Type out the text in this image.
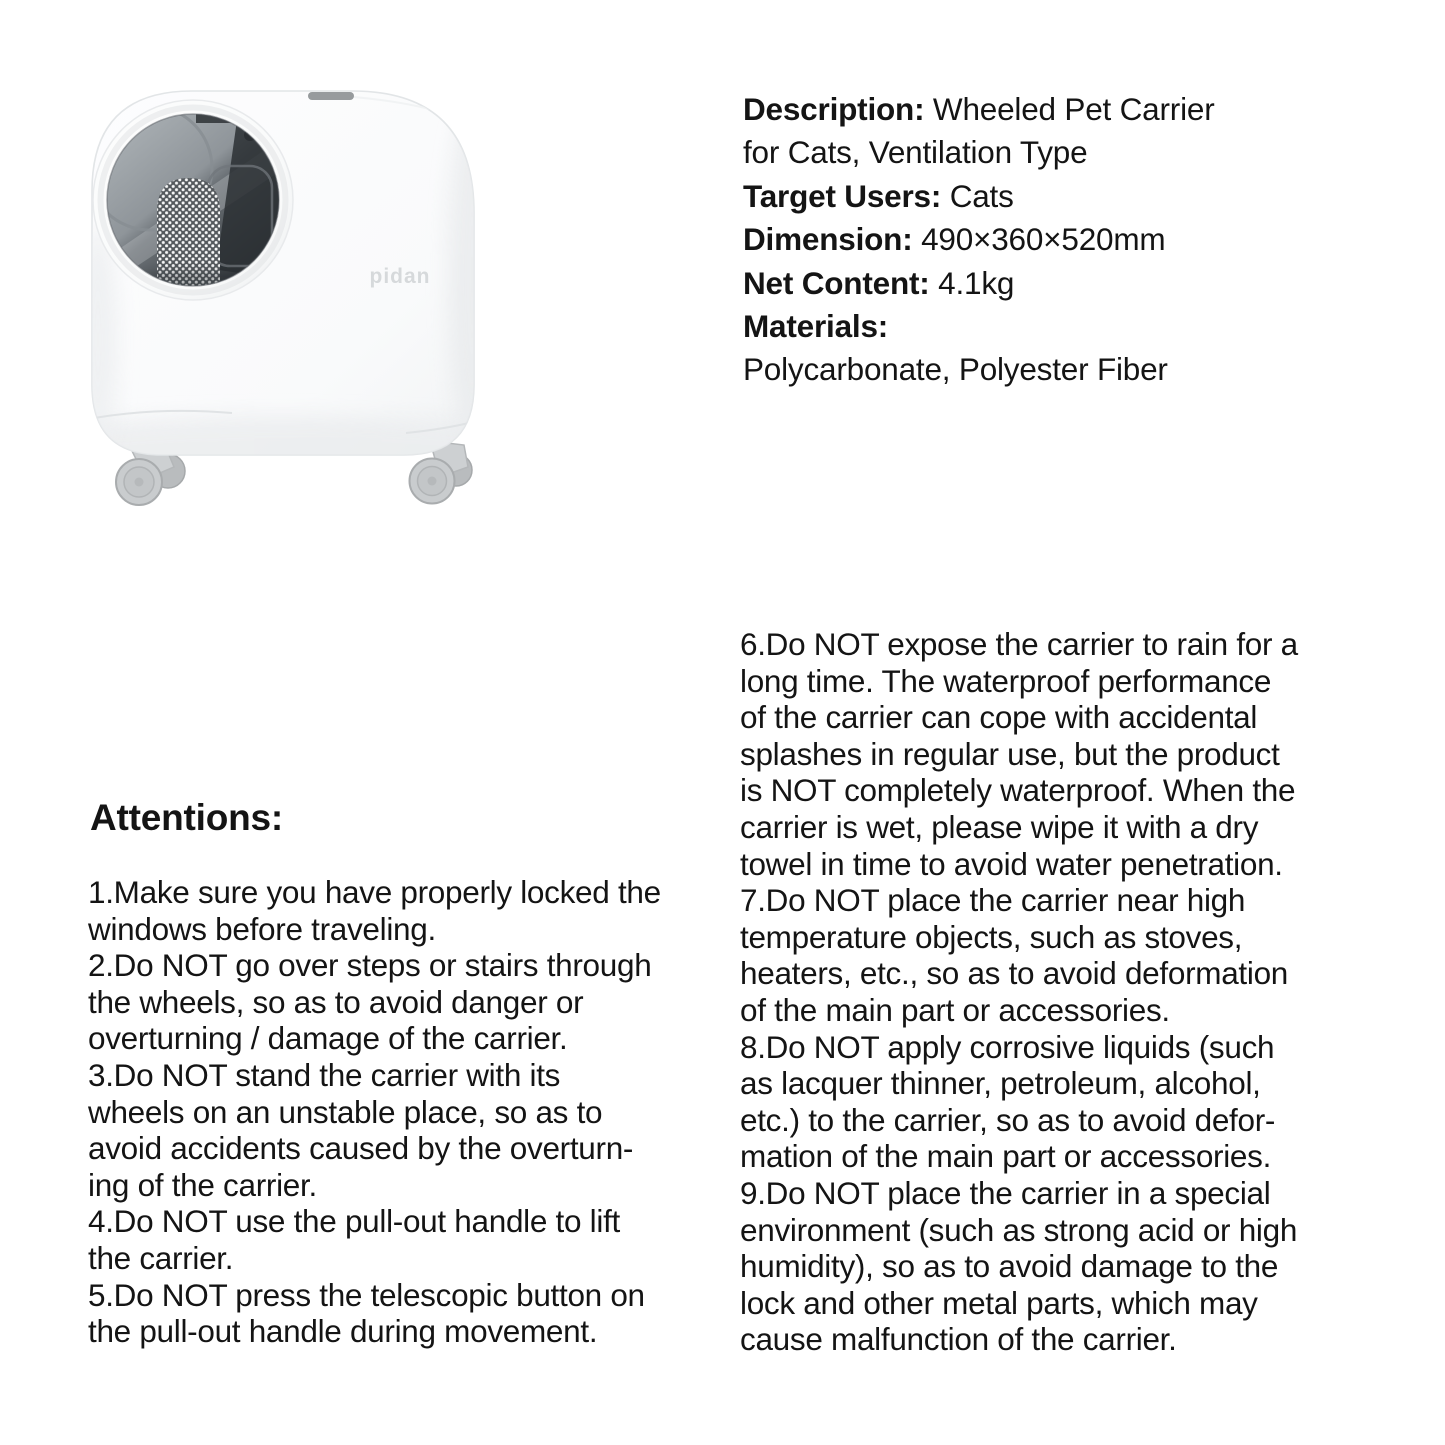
pidan
Description: Wheeled Pet Carrier
for Cats, Ventilation Type
Target Users: Cats
Dimension: 490×360×520mm
Net Content: 4.1kg
Materials:
Polycarbonate, Polyester Fiber
Attentions:
1.Make sure you have properly locked the
windows before traveling.
2.Do NOT go over steps or stairs through
the wheels, so as to avoid danger or
overturning / damage of the carrier.
3.Do NOT stand the carrier with its
wheels on an unstable place, so as to
avoid accidents caused by the overturn-
ing of the carrier.
4.Do NOT use the pull-out handle to lift
the carrier.
5.Do NOT press the telescopic button on
the pull-out handle during movement.
6.Do NOT expose the carrier to rain for a
long time. The waterproof performance
of the carrier can cope with accidental
splashes in regular use, but the product
is NOT completely waterproof. When the
carrier is wet, please wipe it with a dry
towel in time to avoid water penetration.
7.Do NOT place the carrier near high
temperature objects, such as stoves,
heaters, etc., so as to avoid deformation
of the main part or accessories.
8.Do NOT apply corrosive liquids (such
as lacquer thinner, petroleum, alcohol,
etc.) to the carrier, so as to avoid defor-
mation of the main part or accessories.
9.Do NOT place the carrier in a special
environment (such as strong acid or high
humidity), so as to avoid damage to the
lock and other metal parts, which may
cause malfunction of the carrier.
